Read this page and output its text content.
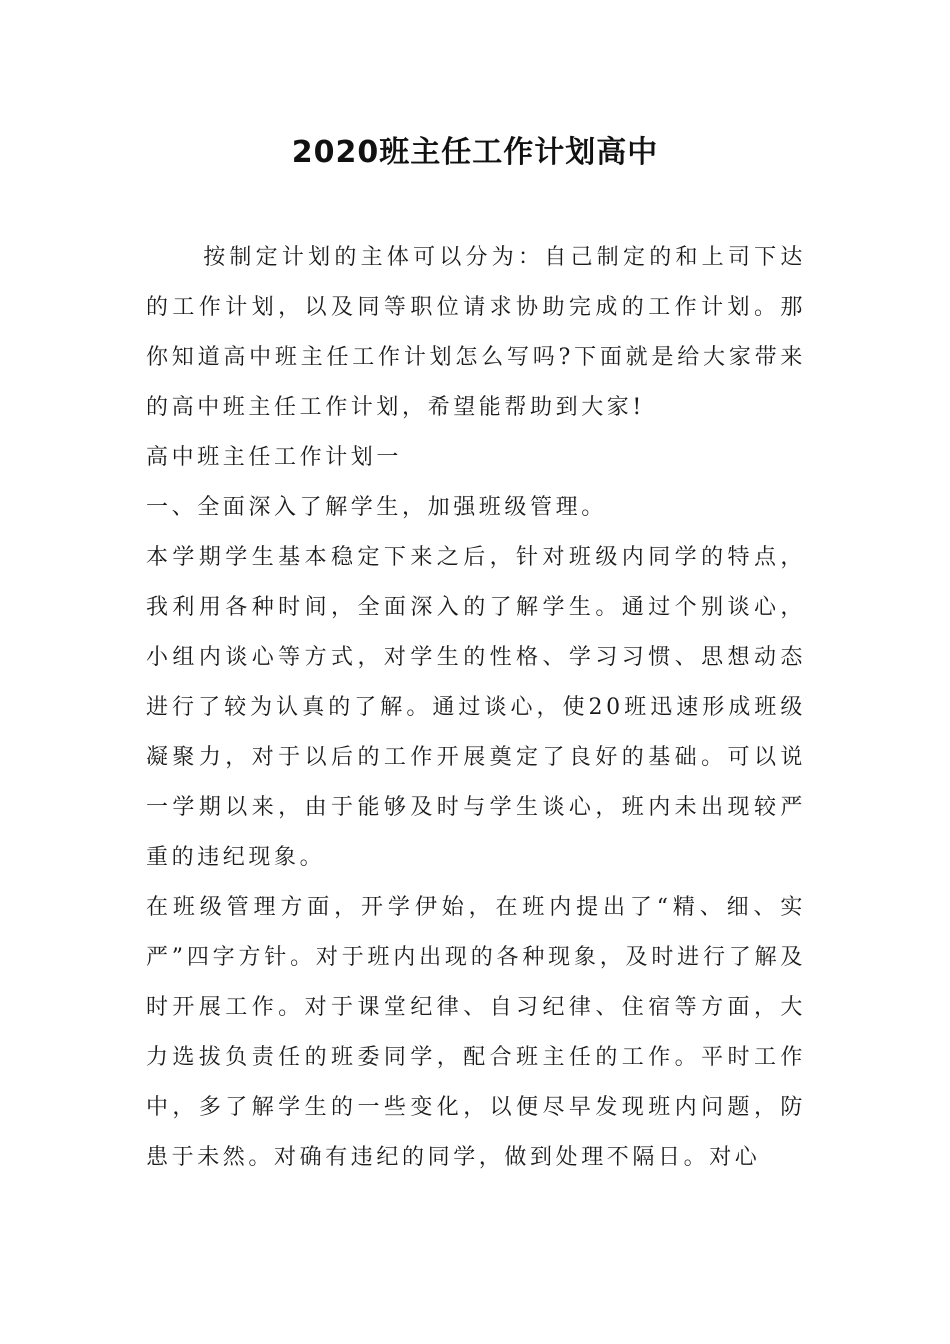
2020班主任工作计划高中

按制定计划的主体可以分为：自己制定的和上司下达的工作计划，以及同等职位请求协助完成的工作计划。那你知道高中班主任工作计划怎么写吗?下面就是给大家带来的高中班主任工作计划，希望能帮助到大家!

高中班主任工作计划一

一、全面深入了解学生，加强班级管理。

本学期学生基本稳定下来之后，针对班级内同学的特点，我利用各种时间，全面深入的了解学生。通过个别谈心，小组内谈心等方式，对学生的性格、学习习惯、思想动态进行了较为认真的了解。通过谈心，使20班迅速形成班级凝聚力，对于以后的工作开展奠定了良好的基础。可以说一学期以来，由于能够及时与学生谈心，班内未出现较严重的违纪现象。

在班级管理方面，开学伊始，在班内提出了“精、细、实严”四字方针。对于班内出现的各种现象，及时进行了解及时开展工作。对于课堂纪律、自习纪律、住宿等方面，大力选拔负责任的班委同学，配合班主任的工作。平时工作中，多了解学生的一些变化，以便尽早发现班内问题，防患于未然。对确有违纪的同学，做到处理不隔日。对心
